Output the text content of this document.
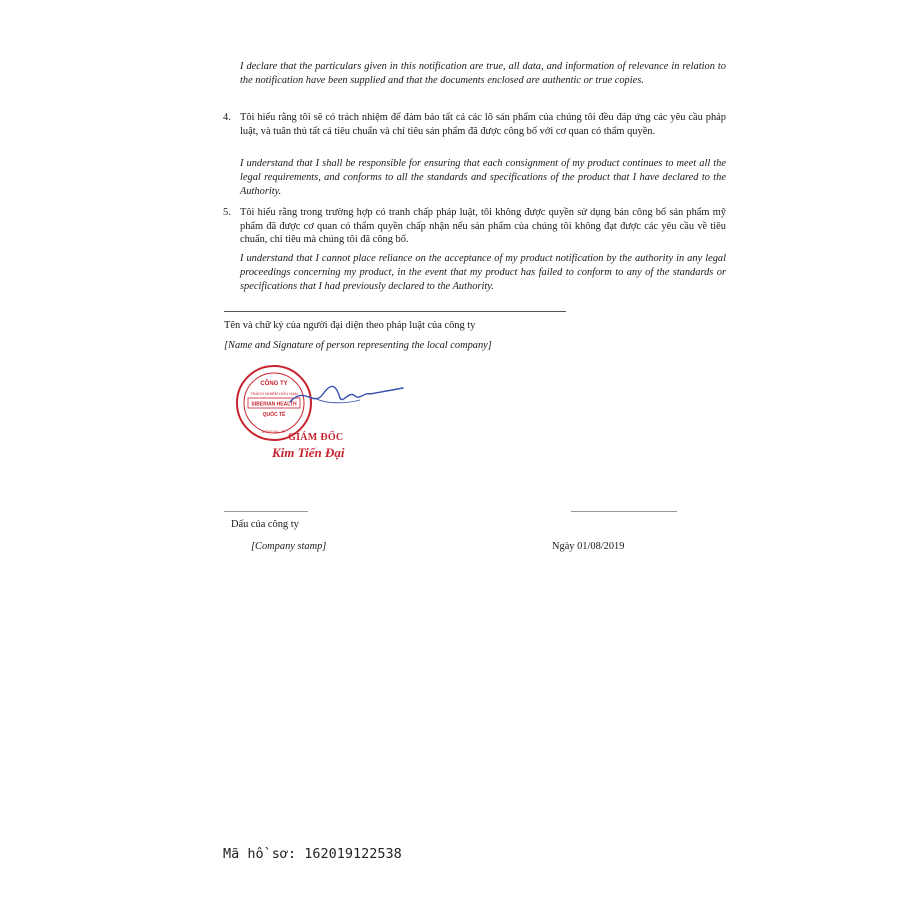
I declare that the particulars given in this notification are true, all data, and information of relevance in relation to the notification have been supplied and that the documents enclosed are authentic or true copies.
4. Tôi hiểu rằng tôi sẽ có trách nhiệm để đảm bảo tất cả các lô sản phẩm của chúng tôi đều đáp ứng các yêu cầu pháp luật, và tuân thủ tất cả tiêu chuẩn và chỉ tiêu sản phẩm đã được công bố với cơ quan có thẩm quyền.
I understand that I shall be responsible for ensuring that each consignment of my product continues to meet all the legal requirements, and conforms to all the standards and specifications of the product that I have declared to the Authority.
5. Tôi hiểu rằng trong trường hợp có tranh chấp pháp luật, tôi không được quyền sử dụng bản công bố sản phẩm mỹ phẩm đã được cơ quan có thẩm quyền chấp nhận nếu sản phẩm của chúng tôi không đạt được các yêu cầu về tiêu chuẩn, chỉ tiêu mà chúng tôi đã công bố.
I understand that I cannot place reliance on the acceptance of my product notification by the authority in any legal proceedings concerning my product, in the event that my product has failed to conform to any of the standards or specifications that I had previously declared to the Authority.
Tên và chữ ký của người đại diện theo pháp luật của công ty
[Name and Signature of person representing the local company]
CÔNG TY
TRÁCH NHIỆM HỮU HẠN
SIBERIAN HEALTH
QUỐC TẾ
ĐỐNG ĐA · TP. GIÁM ĐỐC
Kim Tiến Đại
Dấu của công ty
[Company stamp]	Ngày 01/08/2019
Mã hồ sơ: 162019122538
